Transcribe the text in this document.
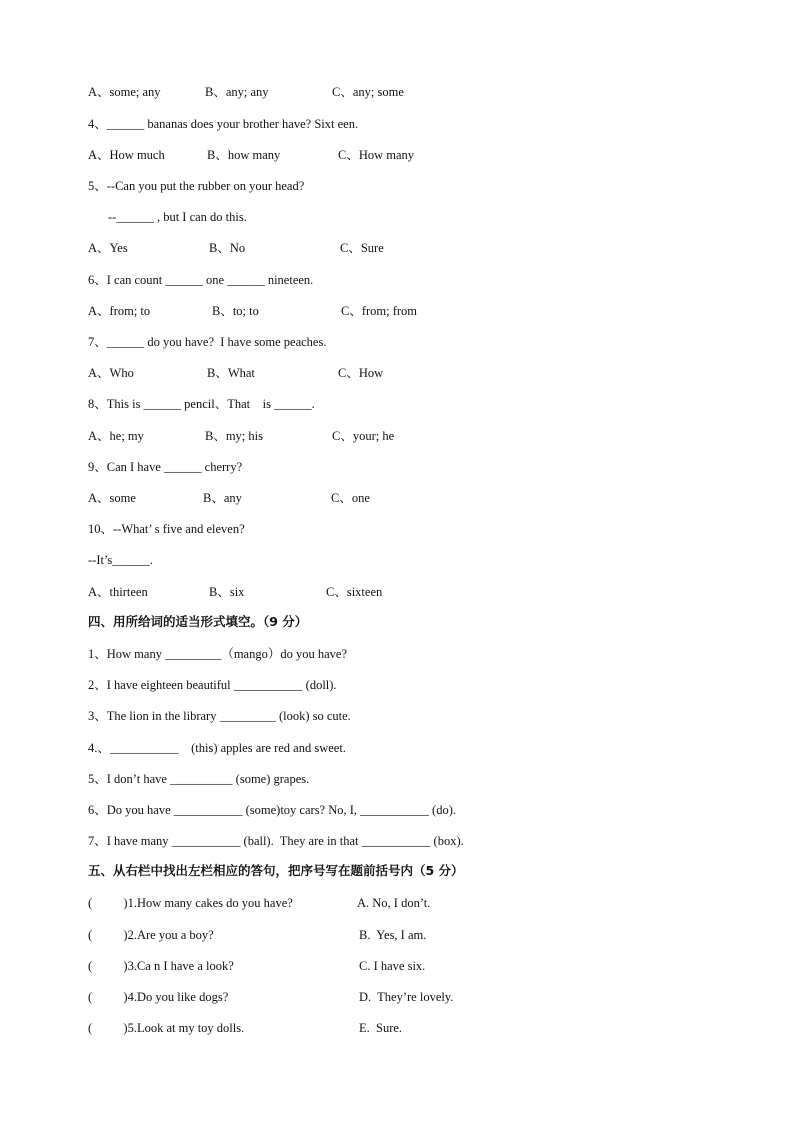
A、some; any	B、any; any	C、any; some
4、______ bananas does your brother have? Sixt een.
A、How much	B、how many	C、How many
5、--Can you put the rubber on your head?
--______ , but I can do this.
A、Yes	B、No	C、Sure
6、I can count ______ one ______ nineteen.
A、from; to	B、to; to	C、from; from
7、______ do you have?  I have some peaches.
A、Who	B、What	C、How
8、This is ______ pencil、That    is ______.
A、he; my	B、my; his	C、your; he
9、Can I have ______ cherry?
A、some	B、any	C、one
10、--What’ s five and eleven?
--It’s______.
A、thirteen	B、six	C、sixteen
四、用所给词的适当形式填空。（9 分）
1、How many _________（mango）do you have?
2、I have eighteen beautiful ___________ (doll).
3、The lion in the library _________ (look) so cute.
4.、___________    (this) apples are red and sweet.
5、I don’t have __________ (some) grapes.
6、Do you have ___________ (some)toy cars? No, I, ___________ (do).
7、I have many ___________ (ball).  They are in that ___________ (box).
五、从右栏中找出左栏相应的答句，把序号写在题前括号内（5 分）
(          )1.How many cakes do you have?	A. No, I don’t.
(          )2.Are you a boy?	B.  Yes, I am.
(          )3.Ca n I have a look?	C. I have six.
(          )4.Do you like dogs?	D.  They’re lovely.
(          )5.Look at my toy dolls.	E.  Sure.
